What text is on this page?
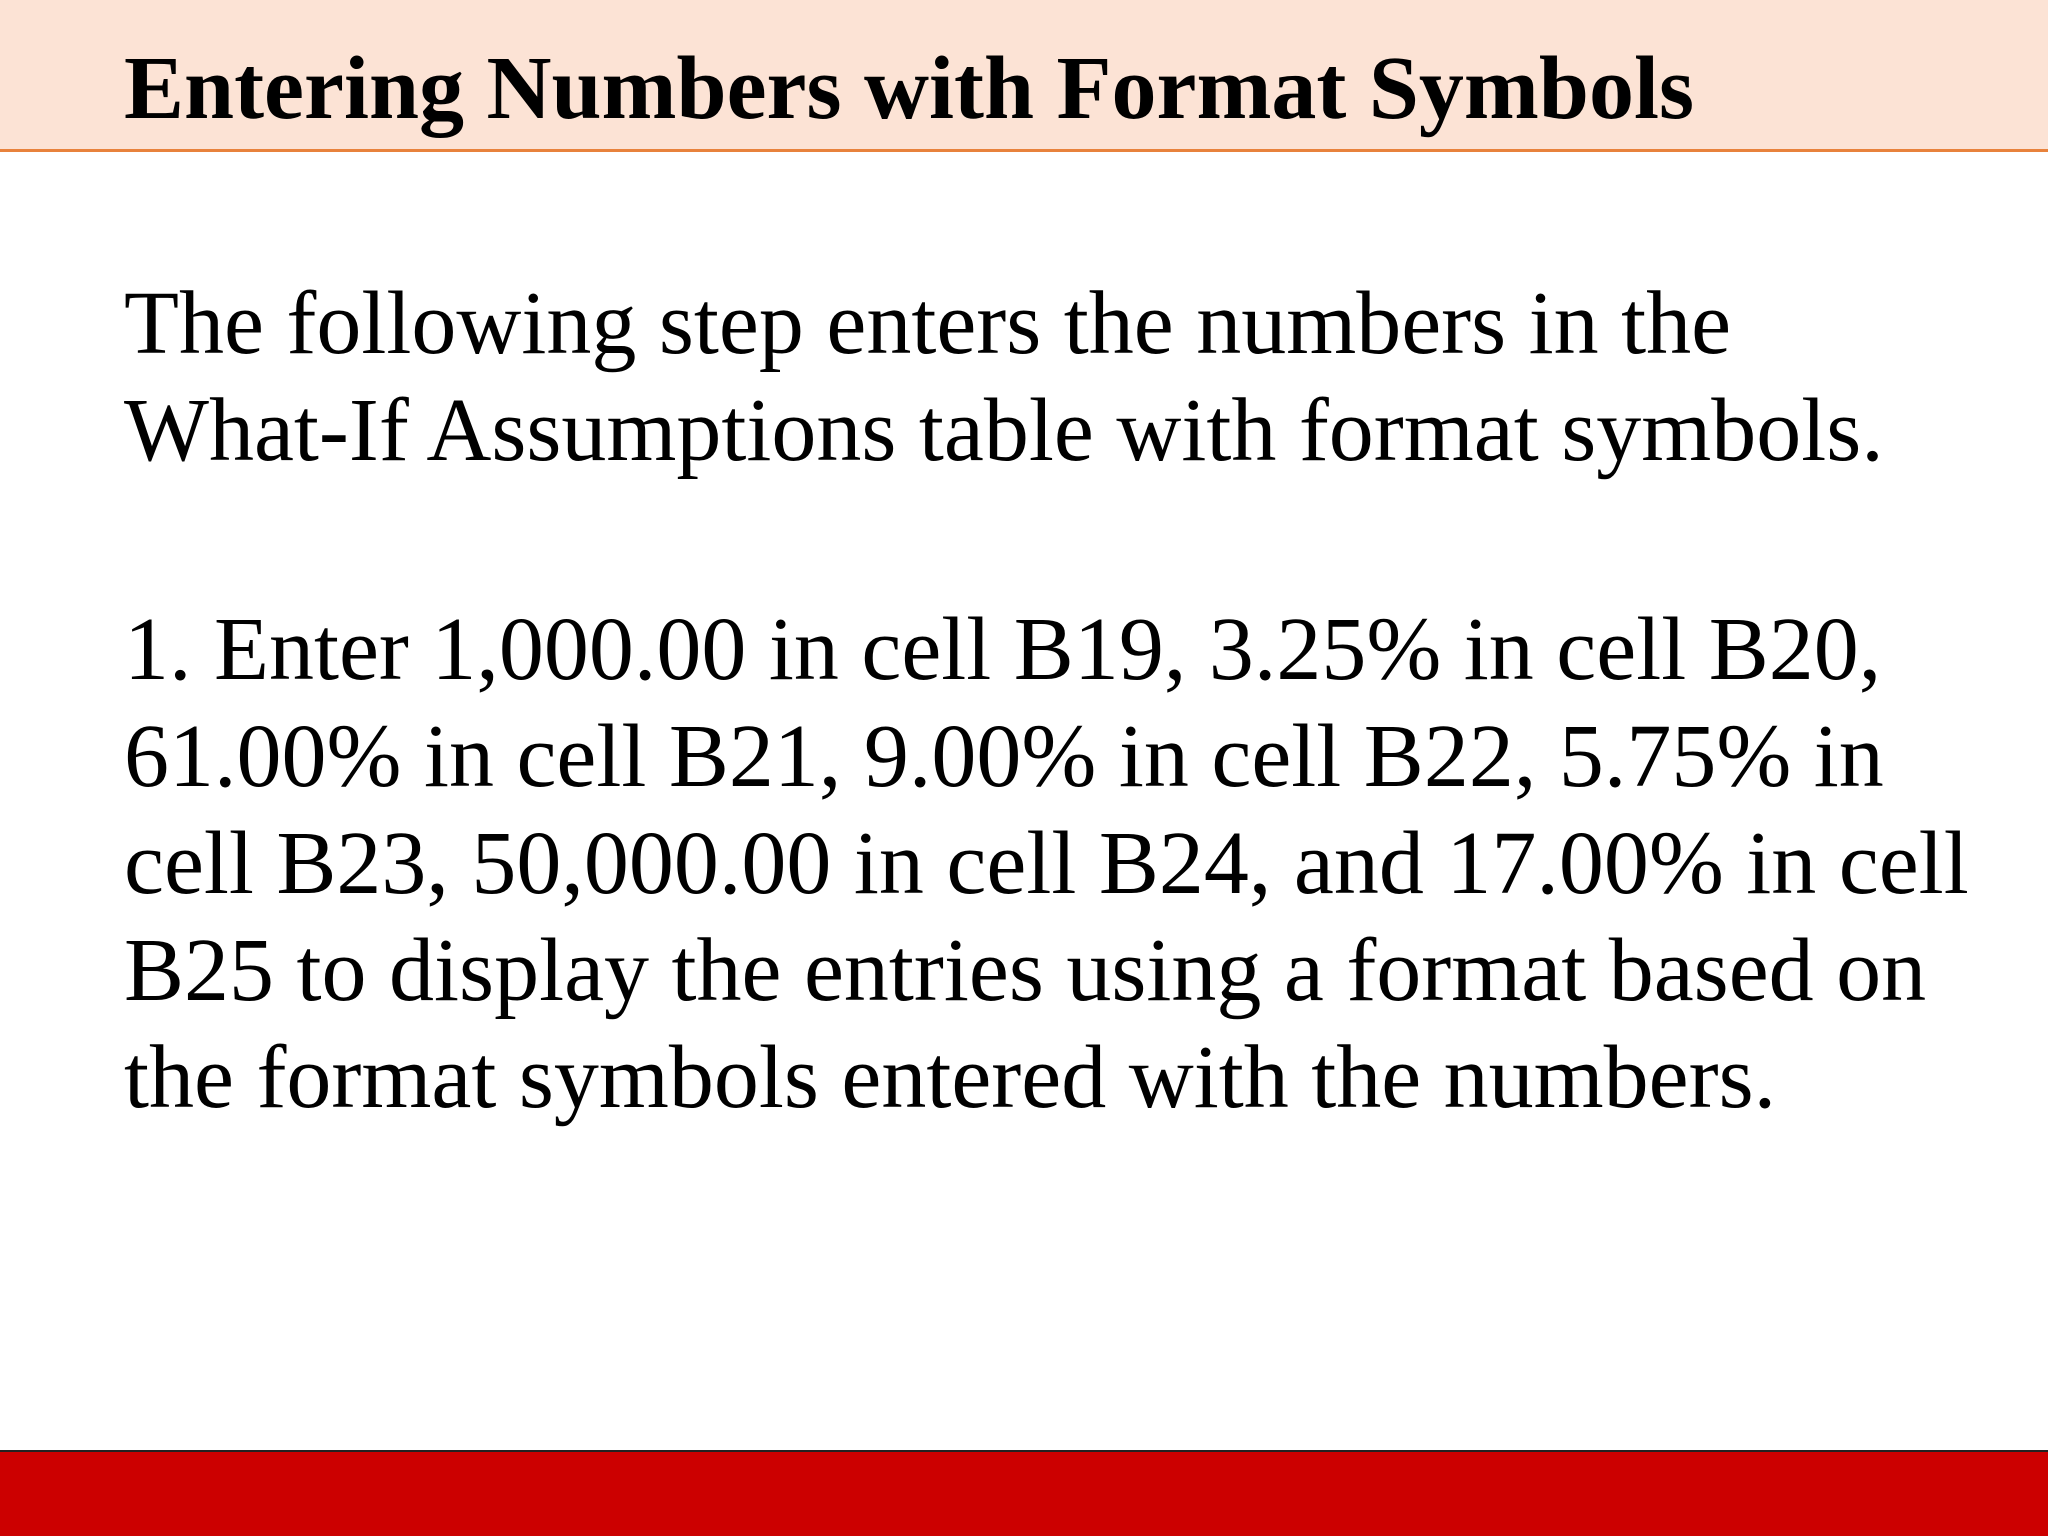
Entering Numbers with Format Symbols

The following step enters the numbers in the
What-If Assumptions table with format symbols.

1. Enter 1,000.00 in cell B19, 3.25% in cell B20,
61.00% in cell B21, 9.00% in cell B22, 5.75% in
cell B23, 50,000.00 in cell B24, and 17.00% in cell
B25 to display the entries using a format based on
the format symbols entered with the numbers.
